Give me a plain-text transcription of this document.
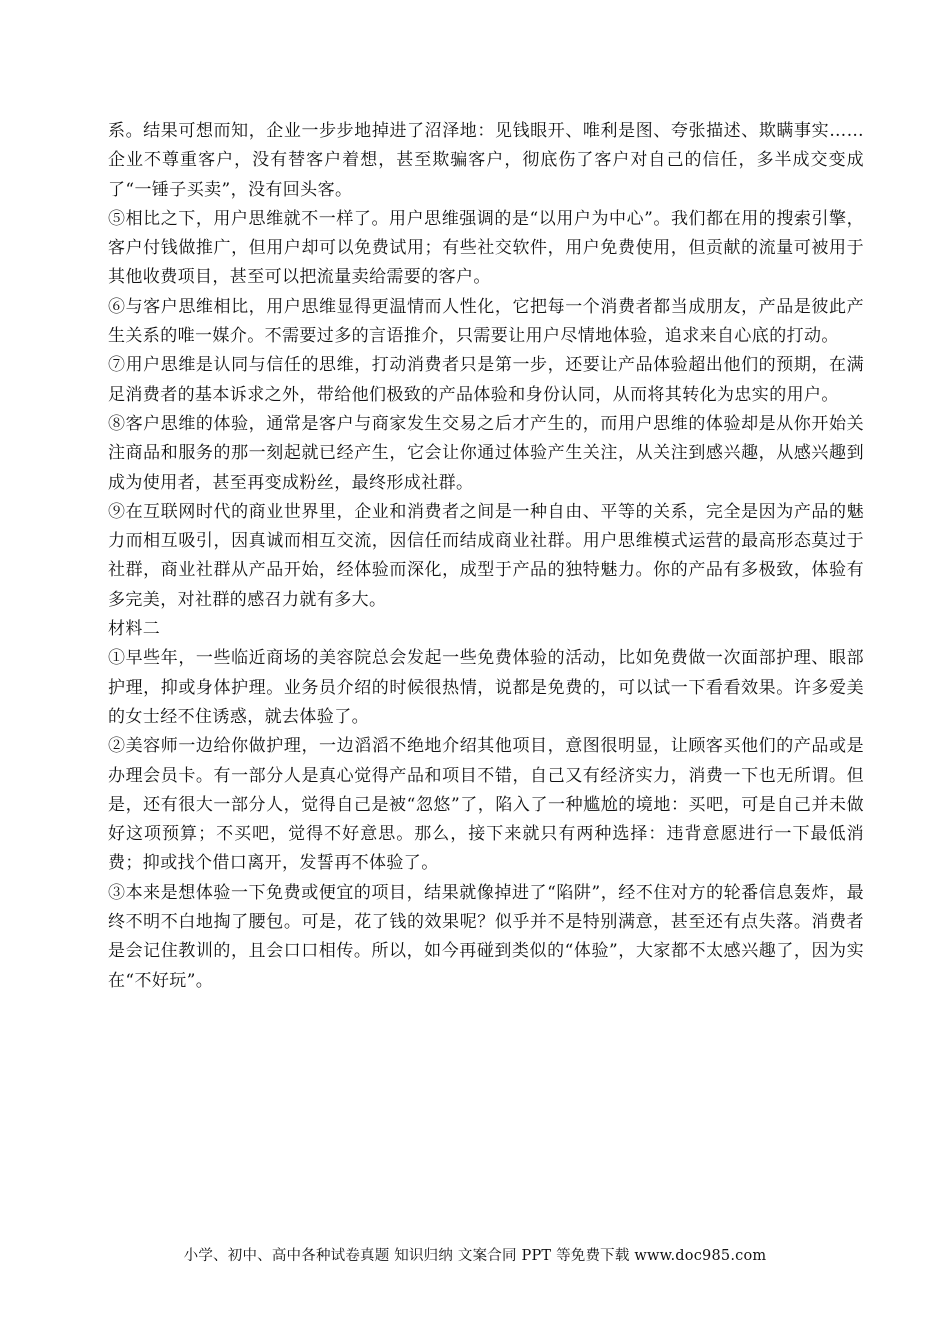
系。结果可想而知，企业一步步地掉进了沼泽地：见钱眼开、唯利是图、夸张描述、欺瞒事实……企业不尊重客户，没有替客户着想，甚至欺骗客户，彻底伤了客户对自己的信任，多半成交变成了“一锤子买卖”，没有回头客。

⑤相比之下，用户思维就不一样了。用户思维强调的是“以用户为中心”。我们都在用的搜索引擎，客户付钱做推广，但用户却可以免费试用；有些社交软件，用户免费使用，但贡献的流量可被用于其他收费项目，甚至可以把流量卖给需要的客户。

⑥与客户思维相比，用户思维显得更温情而人性化，它把每一个消费者都当成朋友，产品是彼此产生关系的唯一媒介。不需要过多的言语推介，只需要让用户尽情地体验，追求来自心底的打动。

⑦用户思维是认同与信任的思维，打动消费者只是第一步，还要让产品体验超出他们的预期，在满足消费者的基本诉求之外，带给他们极致的产品体验和身份认同，从而将其转化为忠实的用户。

⑧客户思维的体验，通常是客户与商家发生交易之后才产生的，而用户思维的体验却是从你开始关注商品和服务的那一刻起就已经产生，它会让你通过体验产生关注，从关注到感兴趣，从感兴趣到成为使用者，甚至再变成粉丝，最终形成社群。

⑨在互联网时代的商业世界里，企业和消费者之间是一种自由、平等的关系，完全是因为产品的魅力而相互吸引，因真诚而相互交流，因信任而结成商业社群。用户思维模式运营的最高形态莫过于社群，商业社群从产品开始，经体验而深化，成型于产品的独特魅力。你的产品有多极致，体验有多完美，对社群的感召力就有多大。

材料二

①早些年，一些临近商场的美容院总会发起一些免费体验的活动，比如免费做一次面部护理、眼部护理，抑或身体护理。业务员介绍的时候很热情，说都是免费的，可以试一下看看效果。许多爱美的女士经不住诱惑，就去体验了。

②美容师一边给你做护理，一边滔滔不绝地介绍其他项目，意图很明显，让顾客买他们的产品或是办理会员卡。有一部分人是真心觉得产品和项目不错，自己又有经济实力，消费一下也无所谓。但是，还有很大一部分人，觉得自己是被“忽悠”了，陷入了一种尴尬的境地：买吧，可是自己并未做好这项预算；不买吧，觉得不好意思。那么，接下来就只有两种选择：违背意愿进行一下最低消费；抑或找个借口离开，发誓再不体验了。

③本来是想体验一下免费或便宜的项目，结果就像掉进了“陷阱”，经不住对方的轮番信息轰炸，最终不明不白地掏了腰包。可是，花了钱的效果呢？似乎并不是特别满意，甚至还有点失落。消费者是会记住教训的，且会口口相传。所以，如今再碰到类似的“体验”，大家都不太感兴趣了，因为实在“不好玩”。

小学、初中、高中各种试卷真题 知识归纳 文案合同 PPT 等免费下载 www.doc985.com
